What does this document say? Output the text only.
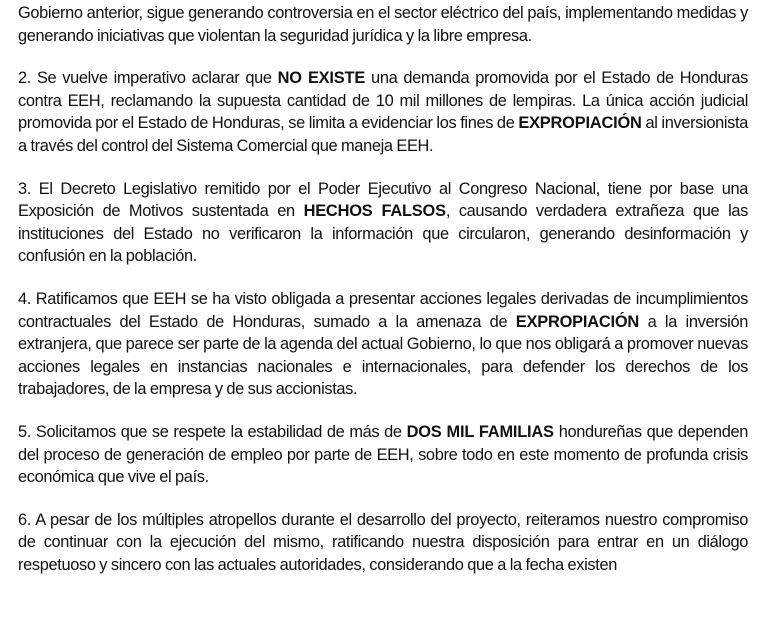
Gobierno anterior, sigue generando controversia en el sector eléctrico del país, implementando medidas y generando iniciativas que violentan la seguridad jurídica y la libre empresa.

2. Se vuelve imperativo aclarar que NO EXISTE una demanda promovida por el Estado de Honduras contra EEH, reclamando la supuesta cantidad de 10 mil millones de lempiras. La única acción judicial promovida por el Estado de Honduras, se limita a evidenciar los fines de EXPROPIACIÓN al inversionista a través del control del Sistema Comercial que maneja EEH.

3. El Decreto Legislativo remitido por el Poder Ejecutivo al Congreso Nacional, tiene por base una Exposición de Motivos sustentada en HECHOS FALSOS, causando verdadera extrañeza que las instituciones del Estado no verificaron la información que circularon, generando desinformación y confusión en la población.

4. Ratificamos que EEH se ha visto obligada a presentar acciones legales derivadas de incumplimientos contractuales del Estado de Honduras, sumado a la amenaza de EXPROPIACIÓN a la inversión extranjera, que parece ser parte de la agenda del actual Gobierno, lo que nos obligará a promover nuevas acciones legales en instancias nacionales e internacionales, para defender los derechos de los trabajadores, de la empresa y de sus accionistas.

5. Solicitamos que se respete la estabilidad de más de DOS MIL FAMILIAS hondureñas que dependen del proceso de generación de empleo por parte de EEH, sobre todo en este momento de profunda crisis económica que vive el país.

6. A pesar de los múltiples atropellos durante el desarrollo del proyecto, reiteramos nuestro compromiso de continuar con la ejecución del mismo, ratificando nuestra disposición para entrar en un diálogo respetuoso y sincero con las actuales autoridades, considerando que a la fecha existen
